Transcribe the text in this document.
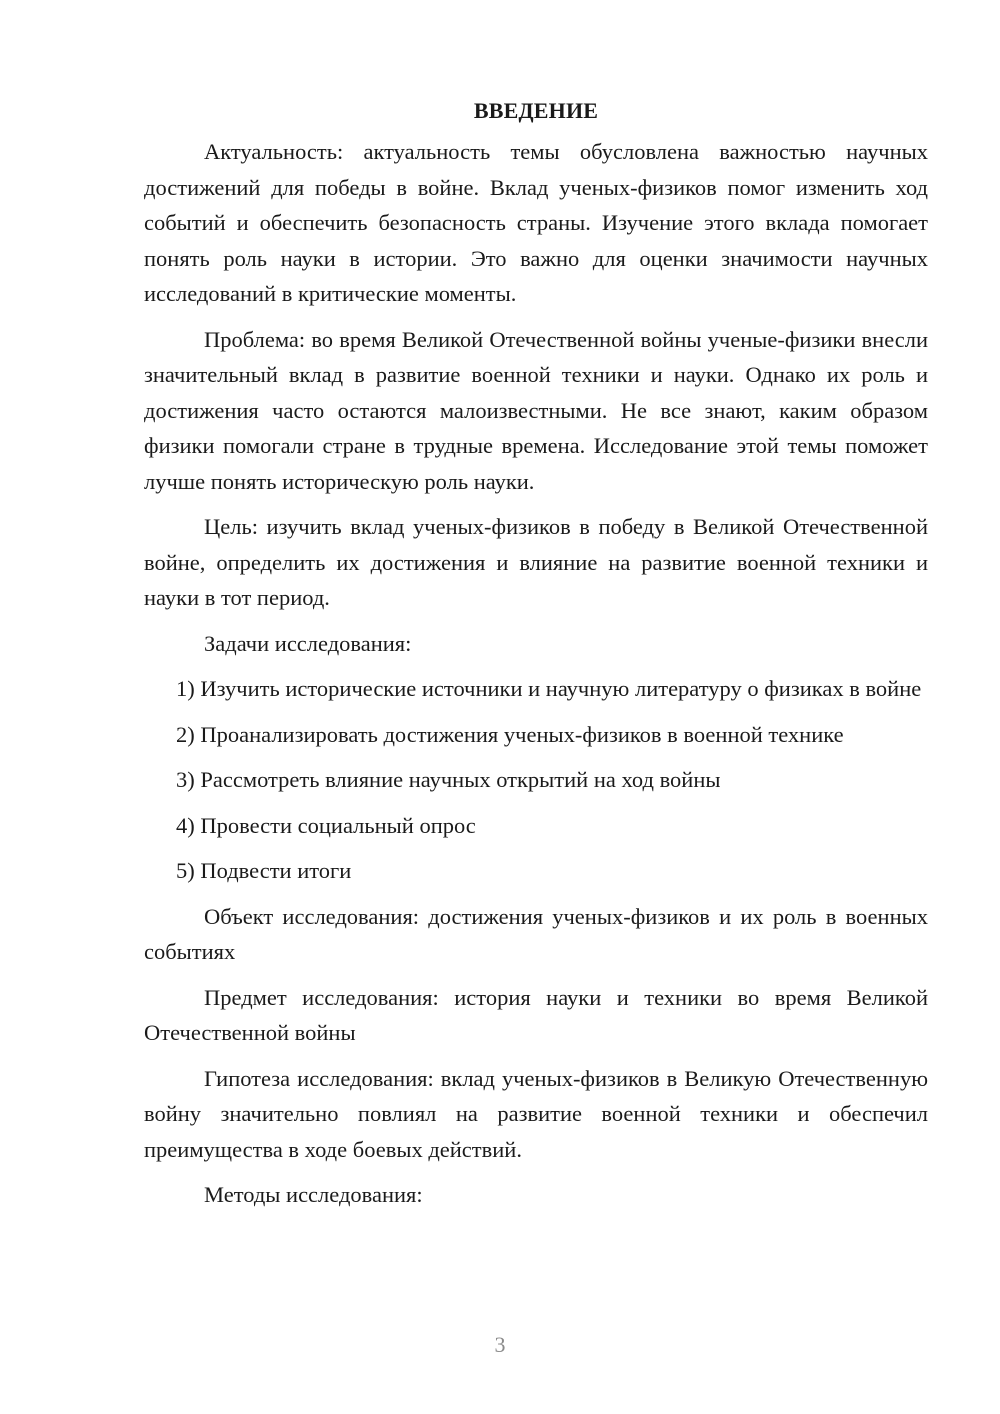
ВВЕДЕНИЕ

Актуальность: актуальность темы обусловлена важностью научных достижений для победы в войне. Вклад ученых-физиков помог изменить ход событий и обеспечить безопасность страны. Изучение этого вклада помогает понять роль науки в истории. Это важно для оценки значимости научных исследований в критические моменты.

Проблема: во время Великой Отечественной войны ученые-физики внесли значительный вклад в развитие военной техники и науки. Однако их роль и достижения часто остаются малоизвестными. Не все знают, каким образом физики помогали стране в трудные времена. Исследование этой темы поможет лучше понять историческую роль науки.

Цель: изучить вклад ученых-физиков в победу в Великой Отечественной войне, определить их достижения и влияние на развитие военной техники и науки в тот период.

Задачи исследования:

1) Изучить исторические источники и научную литературу о физиках в войне

2) Проанализировать достижения ученых-физиков в военной технике

3) Рассмотреть влияние научных открытий на ход войны

4) Провести социальный опрос

5) Подвести итоги

Объект исследования: достижения ученых-физиков и их роль в военных событиях

Предмет исследования: история науки и техники во время Великой Отечественной войны

Гипотеза исследования: вклад ученых-физиков в Великую Отечественную войну значительно повлиял на развитие военной техники и обеспечил преимущества в ходе боевых действий.

Методы исследования:

3
